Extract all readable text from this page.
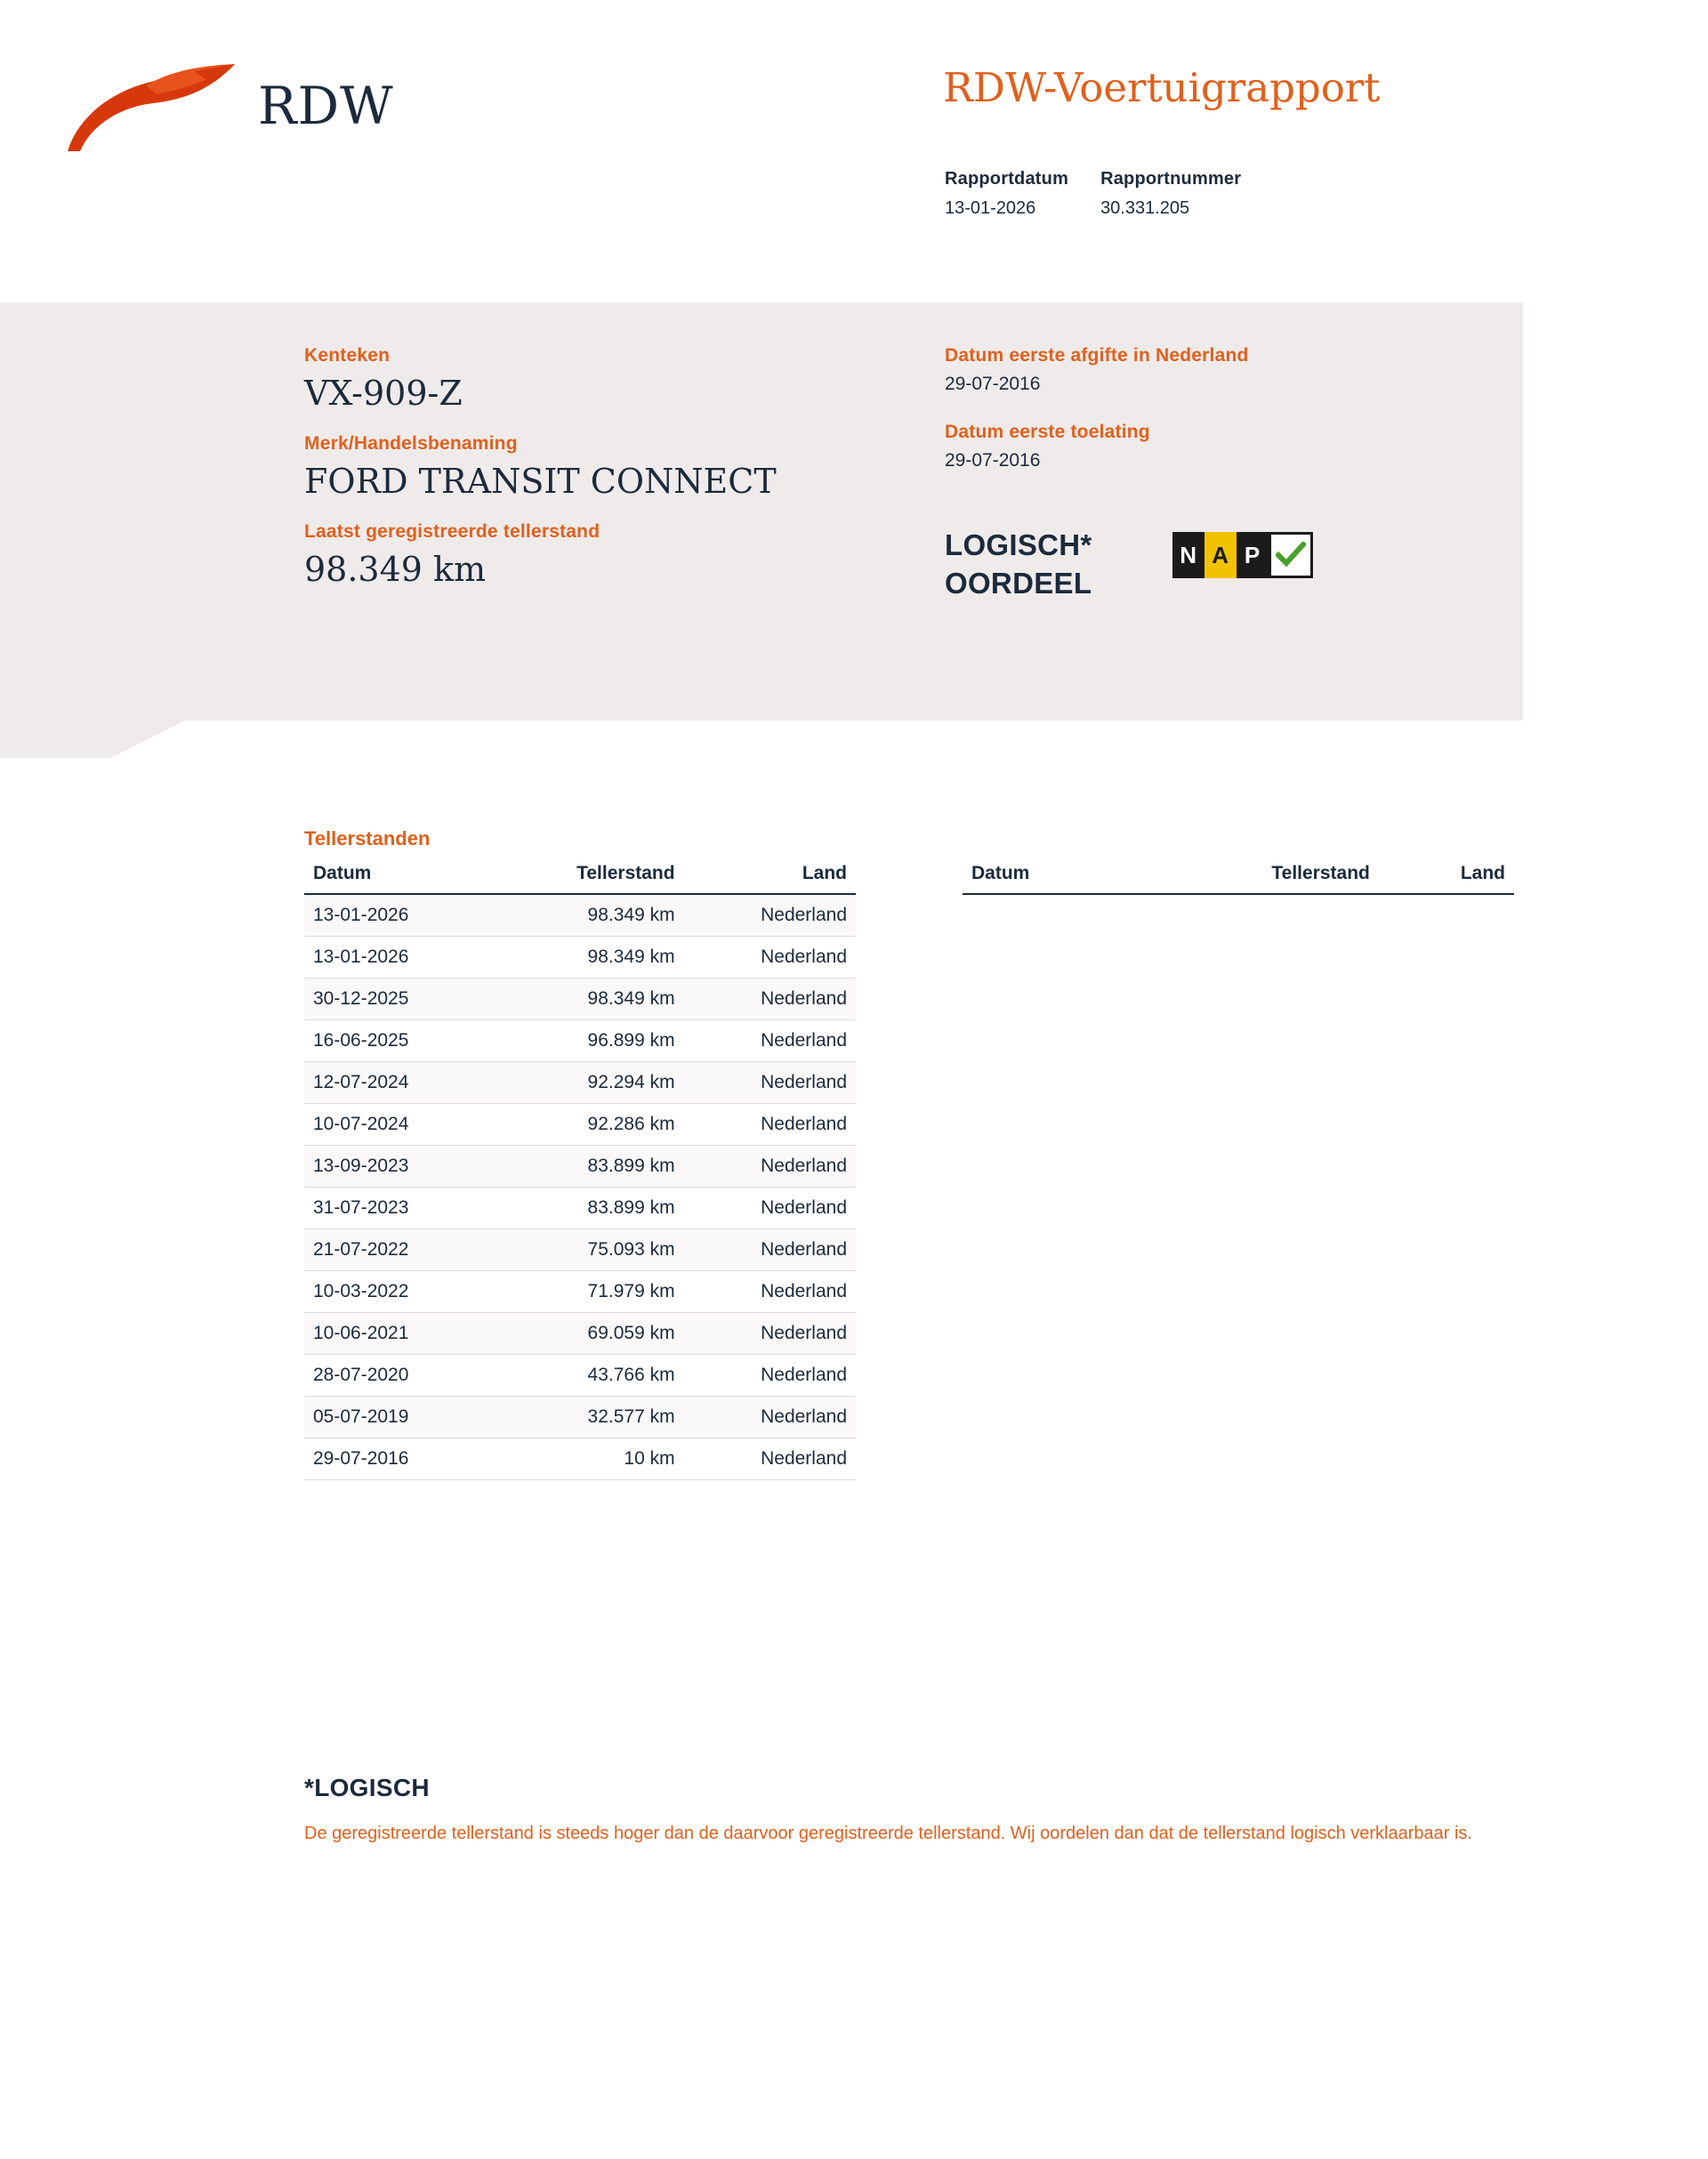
RDW	RDW-Voertuigrapport
Rapportdatum
13-01-2026
Rapportnummer
30.331.205
Kenteken
VX-909-Z
Merk/Handelsbenaming
FORD TRANSIT CONNECT
Laatst geregistreerde tellerstand
98.349 km
Datum eerste afgifte in Nederland
29-07-2016
Datum eerste toelating
29-07-2016
LOGISCH*
OORDEEL
N A P
Tellerstanden
Datum	Tellerstand	Land
13-01-2026	98.349 km	Nederland
13-01-2026	98.349 km	Nederland
30-12-2025	98.349 km	Nederland
16-06-2025	96.899 km	Nederland
12-07-2024	92.294 km	Nederland
10-07-2024	92.286 km	Nederland
13-09-2023	83.899 km	Nederland
31-07-2023	83.899 km	Nederland
21-07-2022	75.093 km	Nederland
10-03-2022	71.979 km	Nederland
10-06-2021	69.059 km	Nederland
28-07-2020	43.766 km	Nederland
05-07-2019	32.577 km	Nederland
29-07-2016	10 km	Nederland

Datum	Tellerstand	Land
*LOGISCH
De geregistreerde tellerstand is steeds hoger dan de daarvoor geregistreerde tellerstand. Wij oordelen dan dat de tellerstand logisch verklaarbaar is.
